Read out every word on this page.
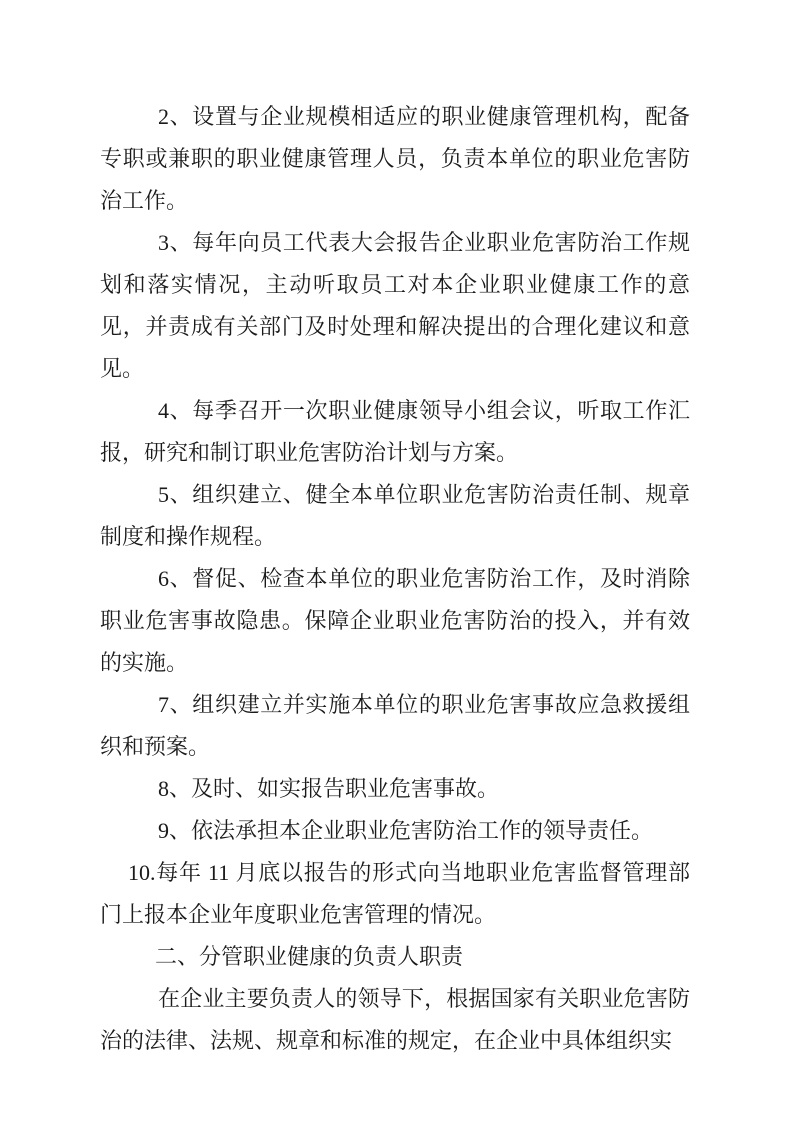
2、设置与企业规模相适应的职业健康管理机构，配备专职或兼职的职业健康管理人员，负责本单位的职业危害防治工作。

3、每年向员工代表大会报告企业职业危害防治工作规划和落实情况，主动听取员工对本企业职业健康工作的意见，并责成有关部门及时处理和解决提出的合理化建议和意见。

4、每季召开一次职业健康领导小组会议，听取工作汇报，研究和制订职业危害防治计划与方案。

5、组织建立、健全本单位职业危害防治责任制、规章制度和操作规程。

6、督促、检查本单位的职业危害防治工作，及时消除职业危害事故隐患。保障企业职业危害防治的投入，并有效的实施。

7、组织建立并实施本单位的职业危害事故应急救援组织和预案。

8、及时、如实报告职业危害事故。

9、依法承担本企业职业危害防治工作的领导责任。

10.每年 11 月底以报告的形式向当地职业危害监督管理部门上报本企业年度职业危害管理的情况。

二、分管职业健康的负责人职责

在企业主要负责人的领导下，根据国家有关职业危害防治的法律、法规、规章和标准的规定，在企业中具体组织实
